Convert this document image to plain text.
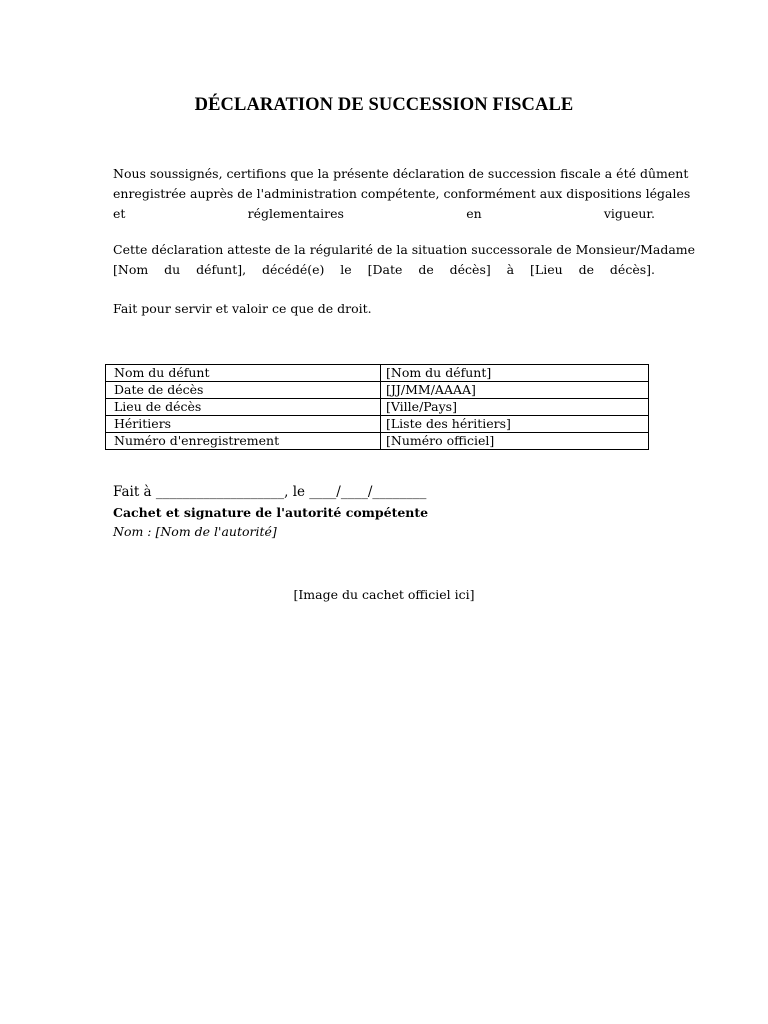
DÉCLARATION DE SUCCESSION FISCALE
Nous soussignés, certifions que la présente déclaration de succession fiscale a été dûment
enregistrée auprès de l'administration compétente, conformément aux dispositions légales
et réglementaires en vigueur.
Cette déclaration atteste de la régularité de la situation successorale de Monsieur/Madame
[Nom du défunt], décédé(e) le [Date de décès] à [Lieu de décès].
Fait pour servir et valoir ce que de droit.
Nom du défunt	[Nom du défunt]
Date de décès	[JJ/MM/AAAA]
Lieu de décès	[Ville/Pays]
Héritiers	[Liste des héritiers]
Numéro d'enregistrement	[Numéro officiel]
Fait à ___________________, le ____/____/________
Cachet et signature de l'autorité compétente
Nom : [Nom de l'autorité]
[Image du cachet officiel ici]
